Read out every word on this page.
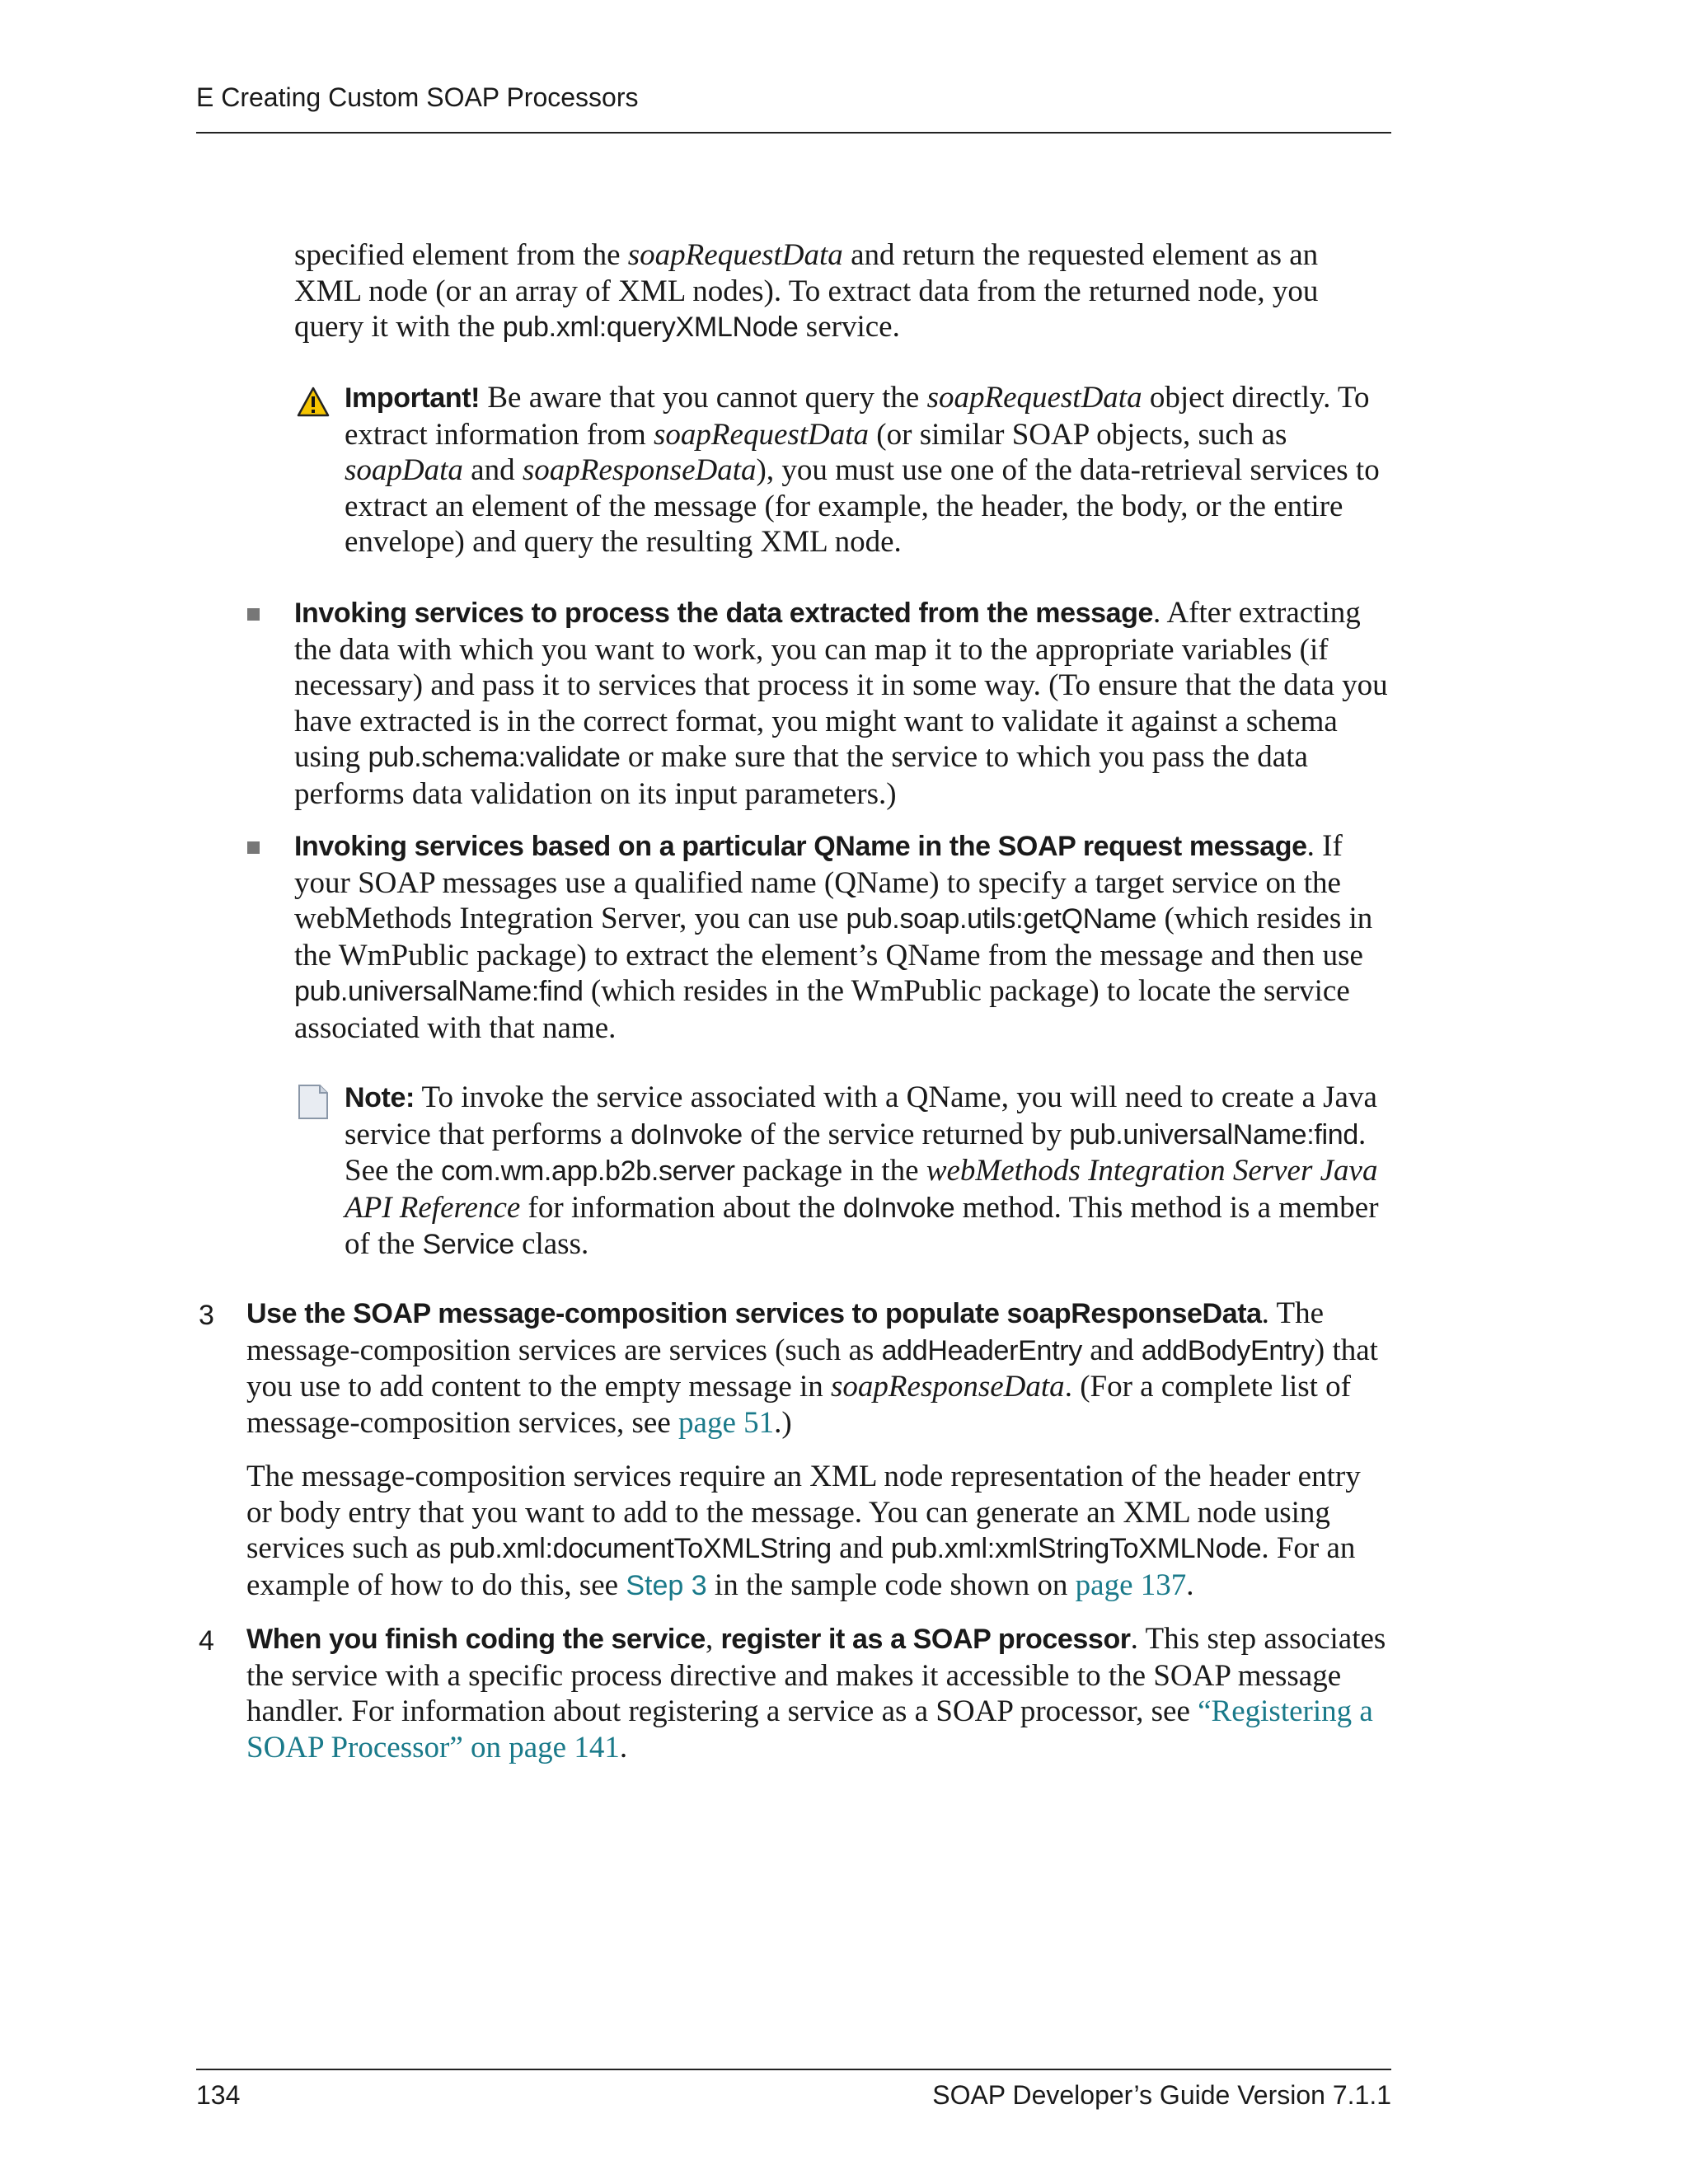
E Creating Custom SOAP Processors
specified element from the soapRequestData and return the requested element as an XML node (or an array of XML nodes). To extract data from the returned node, you query it with the pub.xml:queryXMLNode service.
Important! Be aware that you cannot query the soapRequestData object directly. To extract information from soapRequestData (or similar SOAP objects, such as soapData and soapResponseData), you must use one of the data-retrieval services to extract an element of the message (for example, the header, the body, or the entire envelope) and query the resulting XML node.
Invoking services to process the data extracted from the message. After extracting the data with which you want to work, you can map it to the appropriate variables (if necessary) and pass it to services that process it in some way. (To ensure that the data you have extracted is in the correct format, you might want to validate it against a schema using pub.schema:validate or make sure that the service to which you pass the data performs data validation on its input parameters.)
Invoking services based on a particular QName in the SOAP request message. If your SOAP messages use a qualified name (QName) to specify a target service on the webMethods Integration Server, you can use pub.soap.utils:getQName (which resides in the WmPublic package) to extract the element’s QName from the message and then use pub.universalName:find (which resides in the WmPublic package) to locate the service associated with that name.
Note: To invoke the service associated with a QName, you will need to create a Java service that performs a doInvoke of the service returned by pub.universalName:find. See the com.wm.app.b2b.server package in the webMethods Integration Server Java API Reference for information about the doInvoke method. This method is a member of the Service class.
3 Use the SOAP message-composition services to populate soapResponseData. The message-composition services are services (such as addHeaderEntry and addBodyEntry) that you use to add content to the empty message in soapResponseData. (For a complete list of message-composition services, see page 51.)
The message-composition services require an XML node representation of the header entry or body entry that you want to add to the message. You can generate an XML node using services such as pub.xml:documentToXMLString and pub.xml:xmlStringToXMLNode. For an example of how to do this, see Step 3 in the sample code shown on page 137.
4 When you finish coding the service, register it as a SOAP processor. This step associates the service with a specific process directive and makes it accessible to the SOAP message handler. For information about registering a service as a SOAP processor, see “Registering a SOAP Processor” on page 141.
134	SOAP Developer’s Guide Version 7.1.1
